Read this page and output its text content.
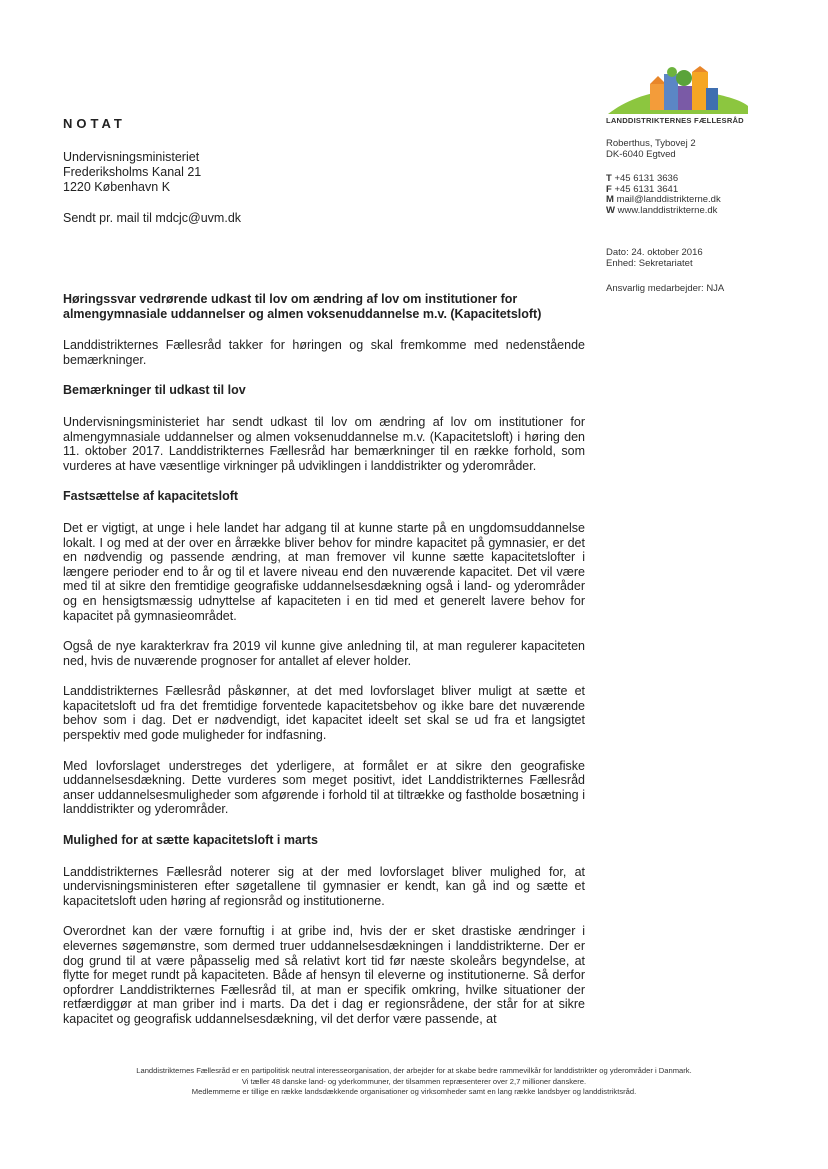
NOTAT
Undervisningsministeriet
Frederiksholms Kanal 21
1220 København K
Sendt pr. mail til mdcjc@uvm.dk
LANDDISTRIKTERNES FÆLLESRÅD
Roberthus, Tybovej 2
DK-6040 Egtved
T +45 6131 3636
F +45 6131 3641
M mail@landdistrikterne.dk
W www.landdistrikterne.dk
Dato: 24. oktober 2016
Enhed: Sekretariatet
Ansvarlig medarbejder: NJA
Høringssvar vedrørende udkast til lov om ændring af lov om institutioner for almengymnasiale uddannelser og almen voksenuddannelse m.v. (Kapacitetsloft)

Landdistrikternes Fællesråd takker for høringen og skal fremkomme med nedenstående bemærkninger.

Bemærkninger til udkast til lov

Undervisningsministeriet har sendt udkast til lov om ændring af lov om institutioner for almengymnasiale uddannelser og almen voksenuddannelse m.v. (Kapacitetsloft) i høring den 11. oktober 2017. Landdistrikternes Fællesråd har bemærkninger til en række forhold, som vurderes at have væsentlige virkninger på udviklingen i landdistrikter og yderområder.

Fastsættelse af kapacitetsloft

Det er vigtigt, at unge i hele landet har adgang til at kunne starte på en ungdomsuddannelse lokalt. I og med at der over en årrække bliver behov for mindre kapacitet på gymnasier, er det en nødvendig og passende ændring, at man fremover vil kunne sætte kapacitetslofter i længere perioder end to år og til et lavere niveau end den nuværende kapacitet. Det vil være med til at sikre den fremtidige geografiske uddannelsesdækning også i land- og yderområder og en hensigtsmæssig udnyttelse af kapaciteten i en tid med et generelt lavere behov for kapacitet på gymnasieområdet.

Også de nye karakterkrav fra 2019 vil kunne give anledning til, at man regulerer kapaciteten ned, hvis de nuværende prognoser for antallet af elever holder.

Landdistrikternes Fællesråd påskønner, at det med lovforslaget bliver muligt at sætte et kapacitetsloft ud fra det fremtidige forventede kapacitetsbehov og ikke bare det nuværende behov som i dag. Det er nødvendigt, idet kapacitet ideelt set skal se ud fra et langsigtet perspektiv med gode muligheder for indfasning.

Med lovforslaget understreges det yderligere, at formålet er at sikre den geografiske uddannelsesdækning. Dette vurderes som meget positivt, idet Landdistrikternes Fællesråd anser uddannelsesmuligheder som afgørende i forhold til at tiltrække og fastholde bosætning i landdistrikter og yderområder.

Mulighed for at sætte kapacitetsloft i marts

Landdistrikternes Fællesråd noterer sig at der med lovforslaget bliver mulighed for, at undervisningsministeren efter søgetallene til gymnasier er kendt, kan gå ind og sætte et kapacitetsloft uden høring af regionsråd og institutionerne.

Overordnet kan der være fornuftig i at gribe ind, hvis der er sket drastiske ændringer i elevernes søgemønstre, som dermed truer uddannelsesdækningen i landdistrikterne. Der er dog grund til at være påpasselig med så relativt kort tid før næste skoleårs begyndelse, at flytte for meget rundt på kapaciteten. Både af hensyn til eleverne og institutionerne. Så derfor opfordrer Landdistrikternes Fællesråd til, at man er specifik omkring, hvilke situationer der retfærdiggør at man griber ind i marts. Da det i dag er regionsrådene, der står for at sikre kapacitet og geografisk uddannelsesdækning, vil det derfor være passende, at

Landdistrikternes Fællesråd er en partipolitisk neutral interesseorganisation, der arbejder for at skabe bedre rammevilkår for landdistrikter og yderområder i Danmark.
Vi tæller 48 danske land- og yderkommuner, der tilsammen repræsenterer over 2,7 millioner danskere.
Medlemmerne er tillige en række landsdækkende organisationer og virksomheder samt en lang række landsbyer og landdistriktsråd.
